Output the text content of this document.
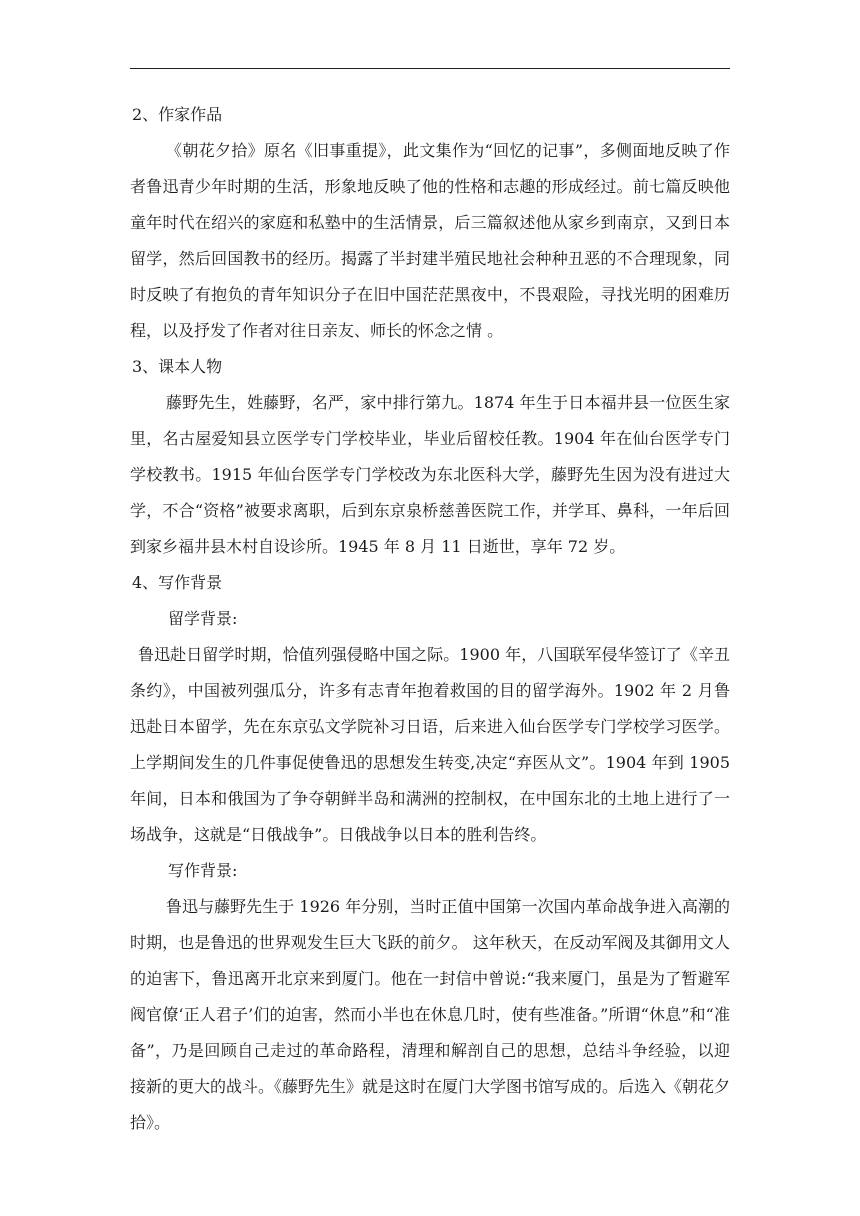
2、作家作品

《朝花夕拾》原名《旧事重提》，此文集作为“回忆的记事”，多侧面地反映了作者鲁迅青少年时期的生活，形象地反映了他的性格和志趣的形成经过。前七篇反映他童年时代在绍兴的家庭和私塾中的生活情景，后三篇叙述他从家乡到南京，又到日本留学，然后回国教书的经历。揭露了半封建半殖民地社会种种丑恶的不合理现象，同时反映了有抱负的青年知识分子在旧中国茫茫黑夜中，不畏艰险，寻找光明的困难历程，以及抒发了作者对往日亲友、师长的怀念之情 。

3、课本人物

藤野先生，姓藤野，名严，家中排行第九。1874 年生于日本福井县一位医生家里，名古屋爱知县立医学专门学校毕业，毕业后留校任教。1904 年在仙台医学专门学校教书。1915 年仙台医学专门学校改为东北医科大学，藤野先生因为没有进过大学，不合“资格”被要求离职，后到东京泉桥慈善医院工作，并学耳、鼻科，一年后回到家乡福井县木村自设诊所。1945 年 8 月 11 日逝世，享年 72 岁。

4、写作背景

留学背景:

鲁迅赴日留学时期，恰值列强侵略中国之际。1900 年，八国联军侵华签订了《辛丑条约》，中国被列强瓜分，许多有志青年抱着救国的目的留学海外。1902 年 2 月鲁迅赴日本留学，先在东京弘文学院补习日语，后来进入仙台医学专门学校学习医学。上学期间发生的几件事促使鲁迅的思想发生转变,决定“弃医从文”。1904 年到 1905 年间，日本和俄国为了争夺朝鲜半岛和满洲的控制权，在中国东北的土地上进行了一场战争，这就是“日俄战争”。日俄战争以日本的胜利告终。

写作背景:

鲁迅与藤野先生于 1926 年分别，当时正值中国第一次国内革命战争进入高潮的时期，也是鲁迅的世界观发生巨大飞跃的前夕。 这年秋天，在反动军阀及其御用文人的迫害下，鲁迅离开北京来到厦门。他在一封信中曾说:“我来厦门，虽是为了暂避军阀官僚‘正人君子’们的迫害，然而小半也在休息几时，使有些准备。”所谓“休息”和“准备”，乃是回顾自己走过的革命路程，清理和解剖自己的思想，总结斗争经验，以迎接新的更大的战斗。《藤野先生》就是这时在厦门大学图书馆写成的。后选入《朝花夕拾》。
